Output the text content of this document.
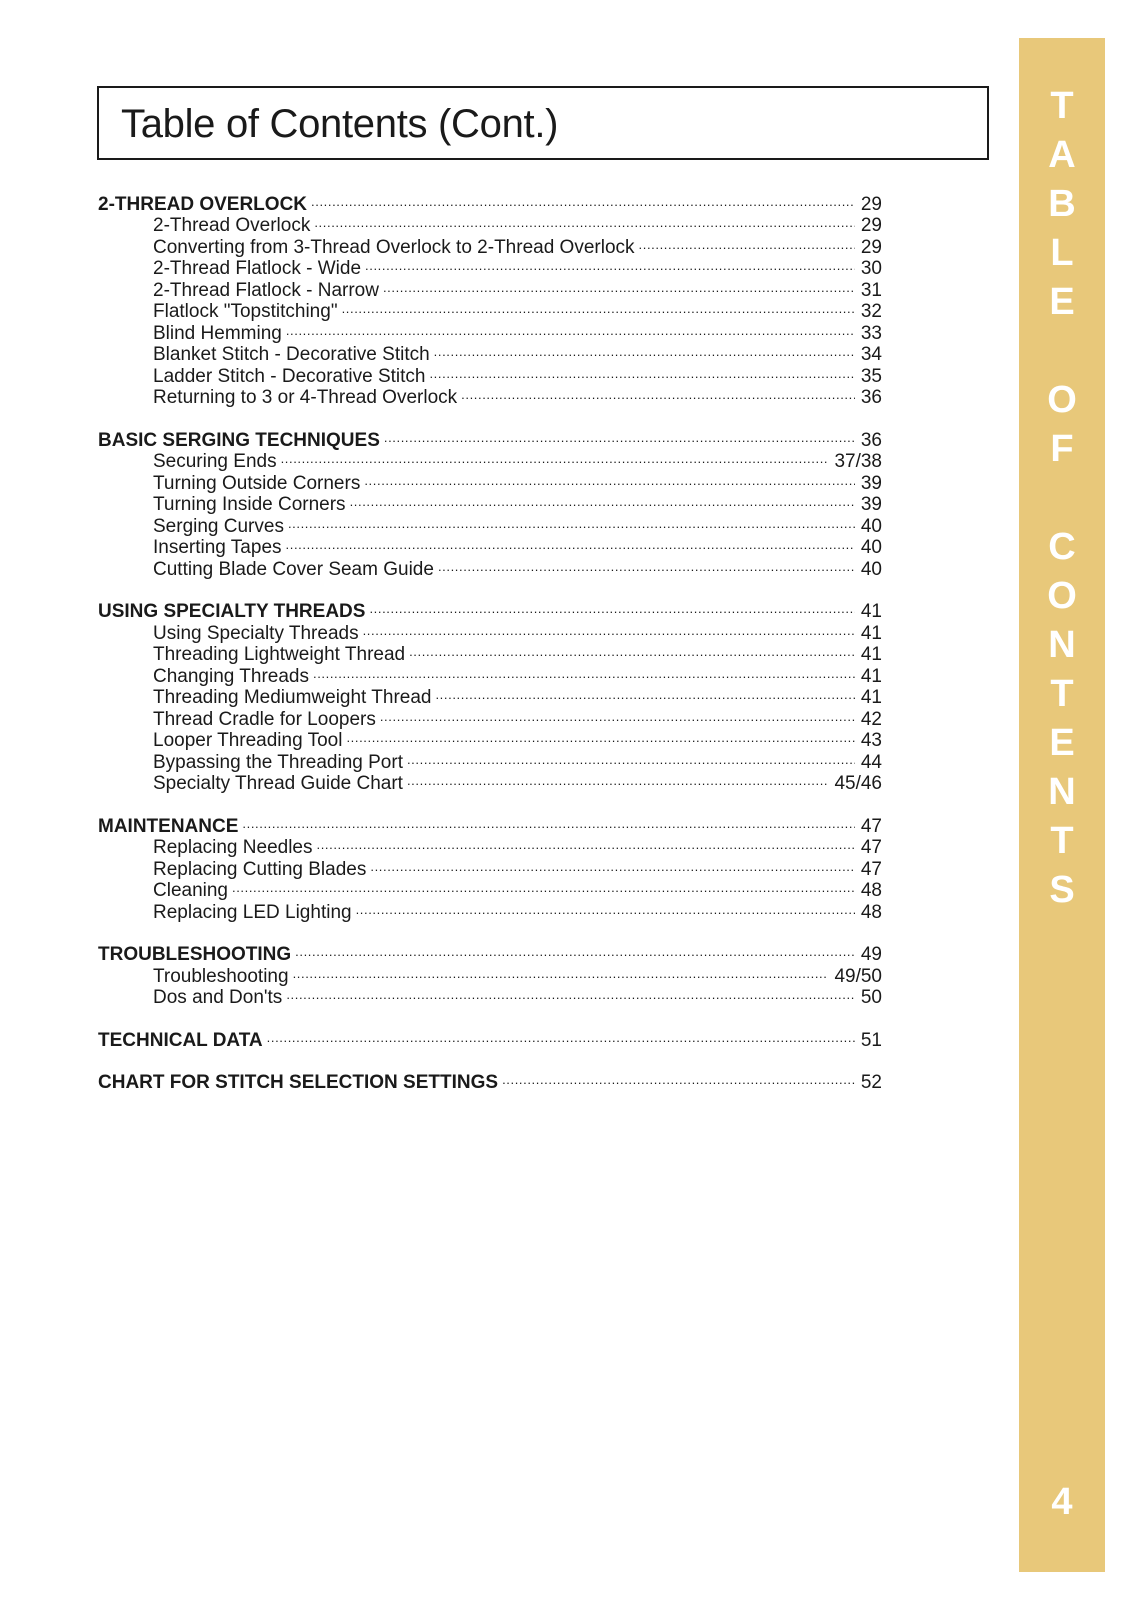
Table of Contents (Cont.)
2-THREAD OVERLOCK .....	29
2-Thread Overlock .....	29
Converting from 3-Thread Overlock to 2-Thread Overlock .....	29
2-Thread Flatlock - Wide .....	30
2-Thread Flatlock - Narrow .....	31
Flatlock "Topstitching" .....	32
Blind Hemming .....	33
Blanket Stitch - Decorative Stitch .....	34
Ladder Stitch - Decorative Stitch .....	35
Returning to 3 or 4-Thread Overlock .....	36
BASIC SERGING TECHNIQUES .....	36
Securing Ends .....	37/38
Turning Outside Corners .....	39
Turning Inside Corners .....	39
Serging Curves .....	40
Inserting Tapes .....	40
Cutting Blade Cover Seam Guide .....	40
USING SPECIALTY THREADS .....	41
Using Specialty Threads .....	41
Threading Lightweight Thread .....	41
Changing Threads .....	41
Threading Mediumweight Thread .....	41
Thread Cradle for Loopers .....	42
Looper Threading Tool .....	43
Bypassing the Threading Port .....	44
Specialty Thread Guide Chart .....	45/46
MAINTENANCE .....	47
Replacing Needles .....	47
Replacing Cutting Blades .....	47
Cleaning .....	48
Replacing LED Lighting .....	48
TROUBLESHOOTING .....	49
Troubleshooting .....	49/50
Dos and Don'ts .....	50
TECHNICAL DATA .....	51
CHART FOR STITCH SELECTION SETTINGS .....	52
T
A
B
L
E
O
F
C
O
N
T
E
N
T
S
4
